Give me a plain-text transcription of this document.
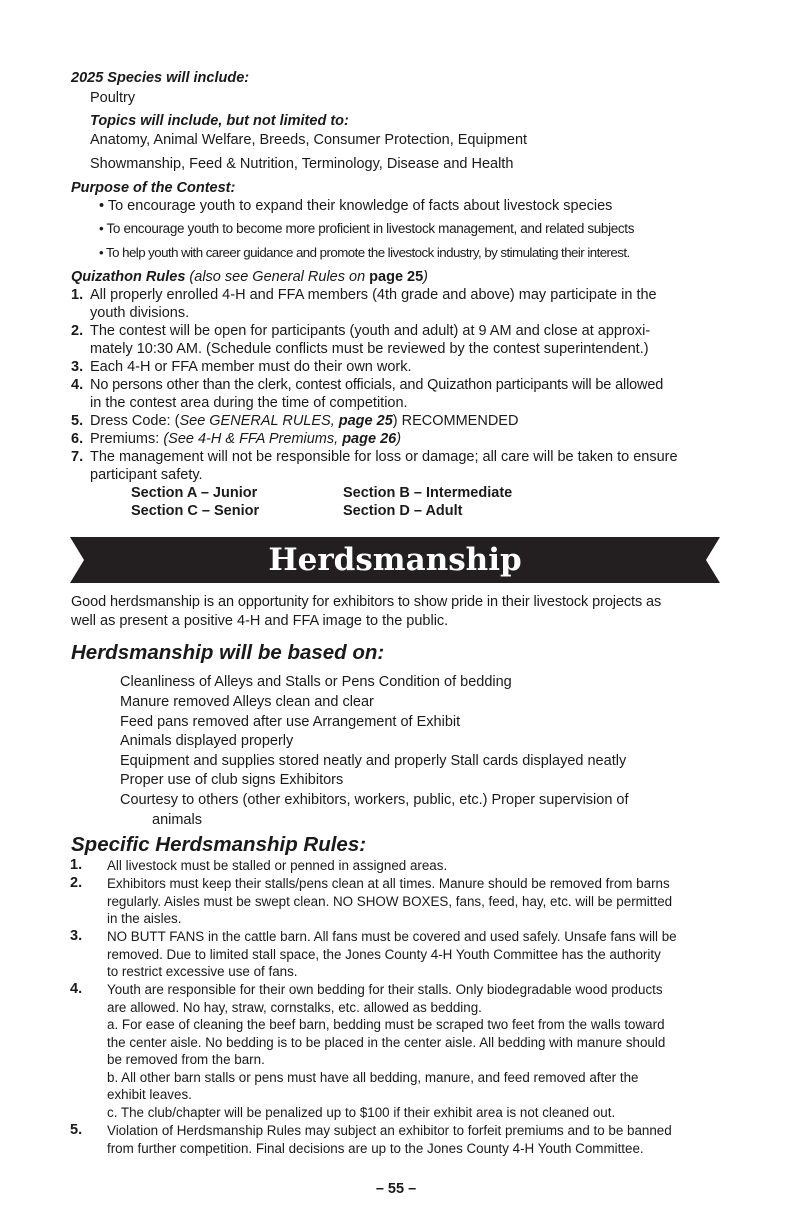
2025 Species will include:
Poultry
Topics will include, but not limited to:
Anatomy, Animal Welfare, Breeds, Consumer Protection, Equipment
Showmanship, Feed & Nutrition, Terminology, Disease and Health
Purpose of the Contest:
• To encourage youth to expand their knowledge of facts about livestock species
• To encourage youth to become more proficient in livestock management, and related subjects
• To help youth with career guidance and promote the livestock industry, by stimulating their interest.
Quizathon Rules (also see General Rules on page 25)
1. All properly enrolled 4-H and FFA members (4th grade and above) may participate in the
youth divisions.
2. The contest will be open for participants (youth and adult) at 9 AM and close at approxi-
mately 10:30 AM. (Schedule conflicts must be reviewed by the contest superintendent.)
3. Each 4-H or FFA member must do their own work.
4. No persons other than the clerk, contest officials, and Quizathon participants will be allowed
in the contest area during the time of competition.
5. Dress Code: (See GENERAL RULES, page 25) RECOMMENDED
6. Premiums: (See 4-H & FFA Premiums, page 26)
7. The management will not be responsible for loss or damage; all care will be taken to ensure
participant safety.
Section A – Junior	Section B – Intermediate
Section C – Senior	Section D – Adult
Herdsmanship
Good herdsmanship is an opportunity for exhibitors to show pride in their livestock projects as
well as present a positive 4-H and FFA image to the public.
Herdsmanship will be based on:
Cleanliness of Alleys and Stalls or Pens Condition of bedding
Manure removed Alleys clean and clear
Feed pans removed after use Arrangement of Exhibit
Animals displayed properly
Equipment and supplies stored neatly and properly Stall cards displayed neatly
Proper use of club signs Exhibitors
Courtesy to others (other exhibitors, workers, public, etc.) Proper supervision of
animals
Specific Herdsmanship Rules:
1. All livestock must be stalled or penned in assigned areas.
2. Exhibitors must keep their stalls/pens clean at all times. Manure should be removed from barns
regularly. Aisles must be swept clean. NO SHOW BOXES, fans, feed, hay, etc. will be permitted
in the aisles.
3. NO BUTT FANS in the cattle barn. All fans must be covered and used safely. Unsafe fans will be
removed. Due to limited stall space, the Jones County 4-H Youth Committee has the authority
to restrict excessive use of fans.
4. Youth are responsible for their own bedding for their stalls. Only biodegradable wood products
are allowed. No hay, straw, cornstalks, etc. allowed as bedding.
a. For ease of cleaning the beef barn, bedding must be scraped two feet from the walls toward
the center aisle. No bedding is to be placed in the center aisle. All bedding with manure should
be removed from the barn.
b. All other barn stalls or pens must have all bedding, manure, and feed removed after the
exhibit leaves.
c. The club/chapter will be penalized up to $100 if their exhibit area is not cleaned out.
5. Violation of Herdsmanship Rules may subject an exhibitor to forfeit premiums and to be banned
from further competition. Final decisions are up to the Jones County 4-H Youth Committee.
– 55 –
